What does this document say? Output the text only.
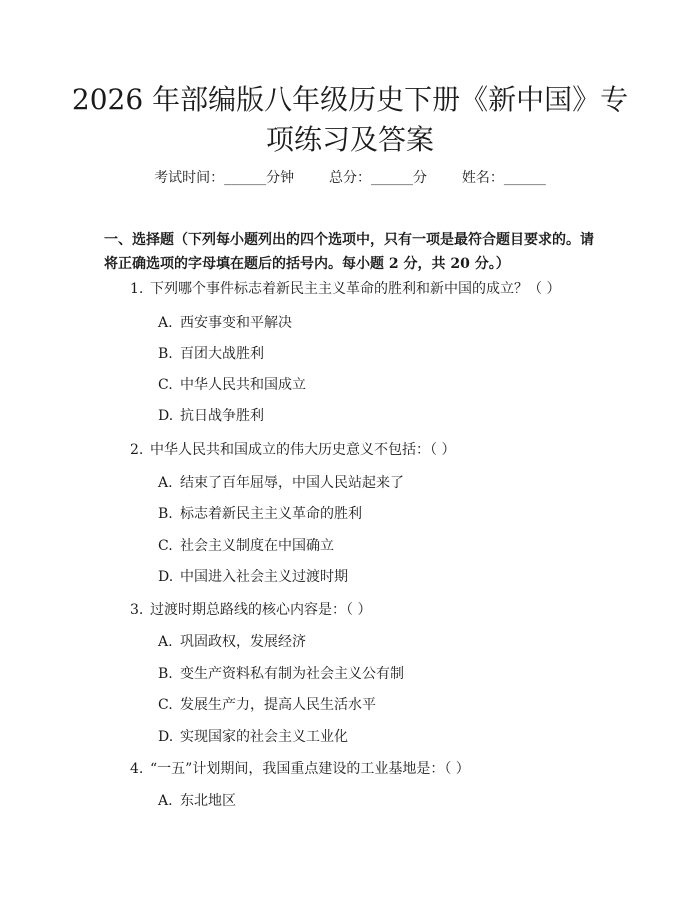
2026 年部编版八年级历史下册《新中国》专
项练习及答案
考试时间：______分钟 总分：______分 姓名：______
一、选择题（下列每小题列出的四个选项中，只有一项是最符合题目要求的。请将正确选项的字母填在题后的括号内。每小题 2 分，共 20 分。）
1. 下列哪个事件标志着新民主主义革命的胜利和新中国的成立？（ ）
A. 西安事变和平解决
B. 百团大战胜利
C. 中华人民共和国成立
D. 抗日战争胜利
2. 中华人民共和国成立的伟大历史意义不包括：（ ）
A. 结束了百年屈辱，中国人民站起来了
B. 标志着新民主主义革命的胜利
C. 社会主义制度在中国确立
D. 中国进入社会主义过渡时期
3. 过渡时期总路线的核心内容是：（ ）
A. 巩固政权，发展经济
B. 变生产资料私有制为社会主义公有制
C. 发展生产力，提高人民生活水平
D. 实现国家的社会主义工业化
4. “一五”计划期间，我国重点建设的工业基地是：（ ）
A. 东北地区
